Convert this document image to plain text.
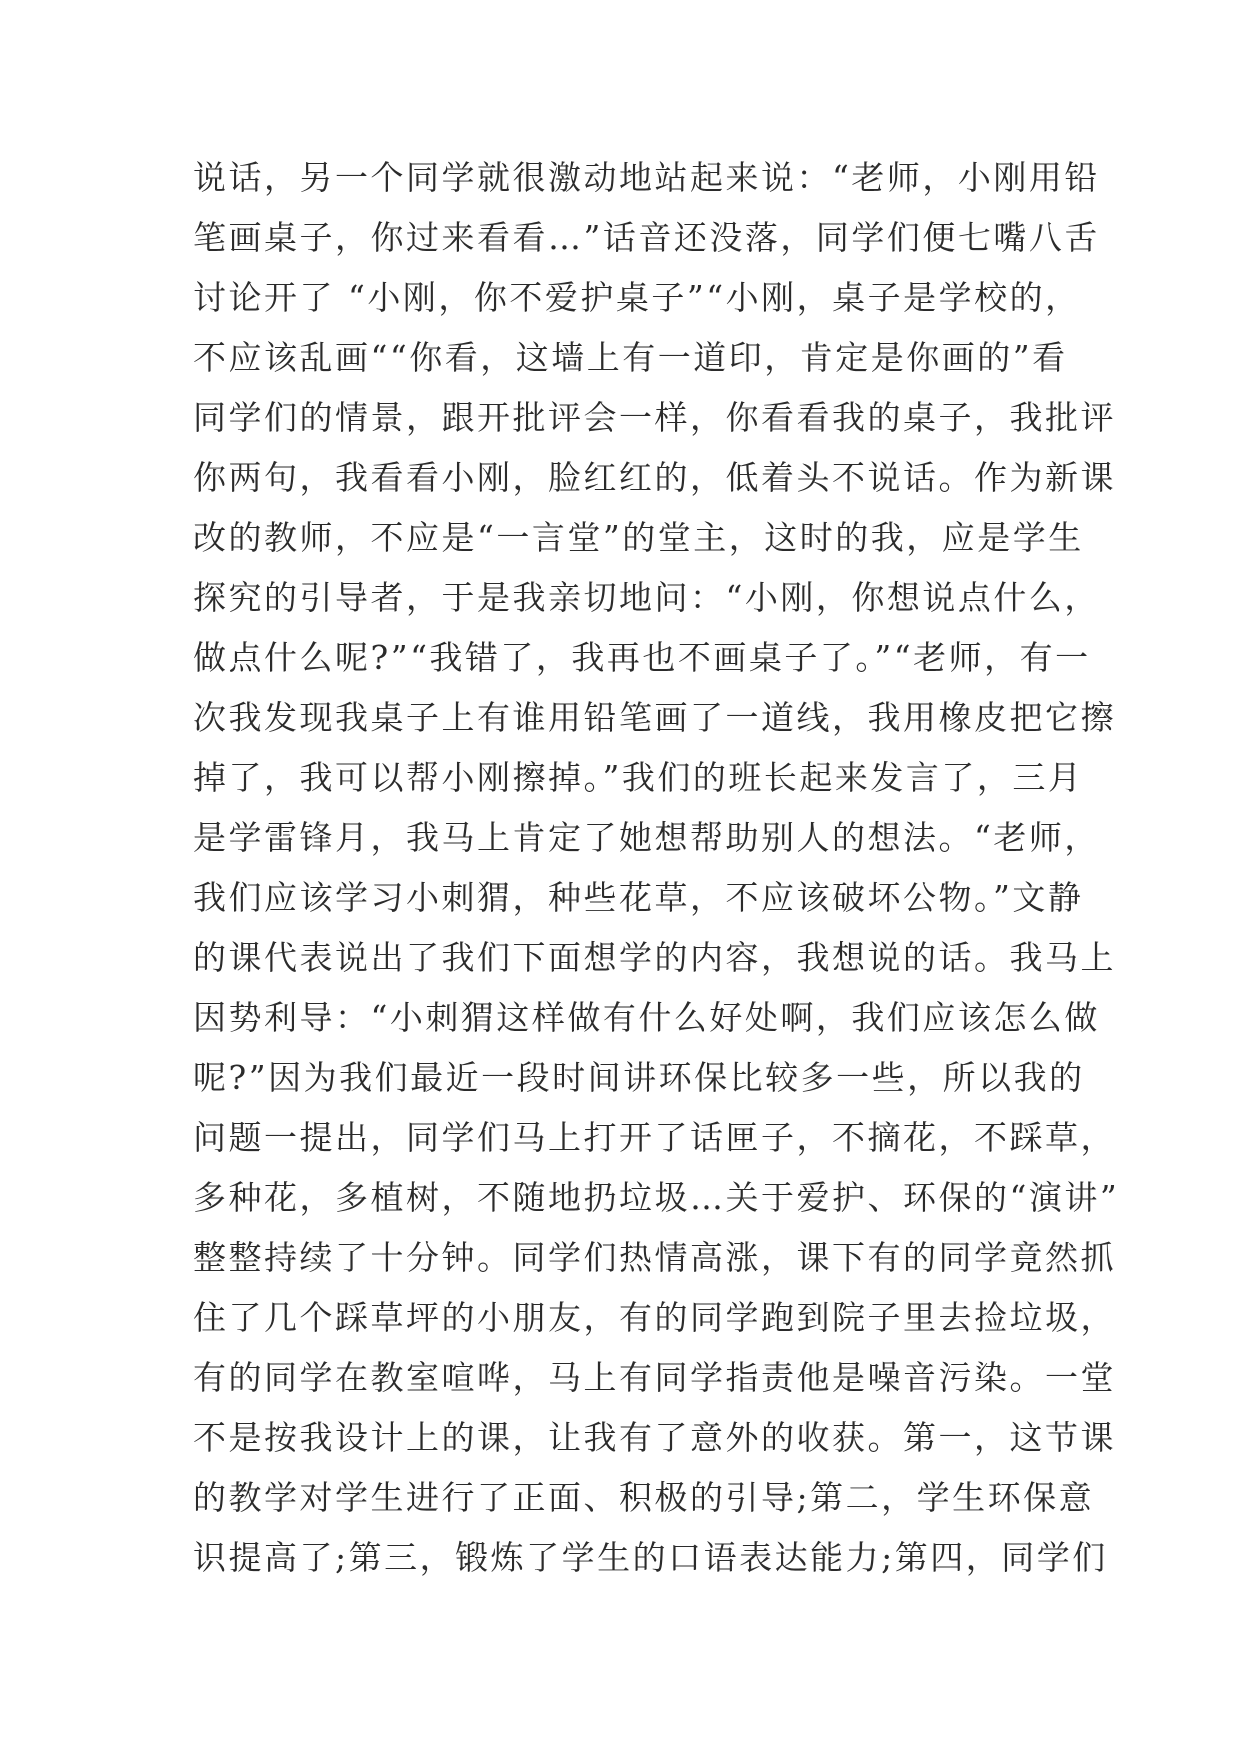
说话，另一个同学就很激动地站起来说：“老师，小刚用铅
笔画桌子，你过来看看…”话音还没落，同学们便七嘴八舌
讨论开了 “小刚，你不爱护桌子”“小刚，桌子是学校的，
不应该乱画““你看，这墙上有一道印，肯定是你画的”看
同学们的情景，跟开批评会一样，你看看我的桌子，我批评
你两句，我看看小刚，脸红红的，低着头不说话。作为新课
改的教师，不应是“一言堂”的堂主，这时的我，应是学生
探究的引导者，于是我亲切地问：“小刚，你想说点什么，
做点什么呢?”“我错了，我再也不画桌子了。”“老师，有一
次我发现我桌子上有谁用铅笔画了一道线，我用橡皮把它擦
掉了，我可以帮小刚擦掉。”我们的班长起来发言了，三月
是学雷锋月，我马上肯定了她想帮助别人的想法。“老师，
我们应该学习小刺猬，种些花草，不应该破坏公物。”文静
的课代表说出了我们下面想学的内容，我想说的话。我马上
因势利导：“小刺猬这样做有什么好处啊，我们应该怎么做
呢?”因为我们最近一段时间讲环保比较多一些，所以我的
问题一提出，同学们马上打开了话匣子，不摘花，不踩草，
多种花，多植树，不随地扔垃圾…关于爱护、环保的“演讲”
整整持续了十分钟。同学们热情高涨，课下有的同学竟然抓
住了几个踩草坪的小朋友，有的同学跑到院子里去捡垃圾，
有的同学在教室喧哗，马上有同学指责他是噪音污染。一堂
不是按我设计上的课，让我有了意外的收获。第一，这节课
的教学对学生进行了正面、积极的引导;第二，学生环保意
识提高了;第三，锻炼了学生的口语表达能力;第四，同学们
